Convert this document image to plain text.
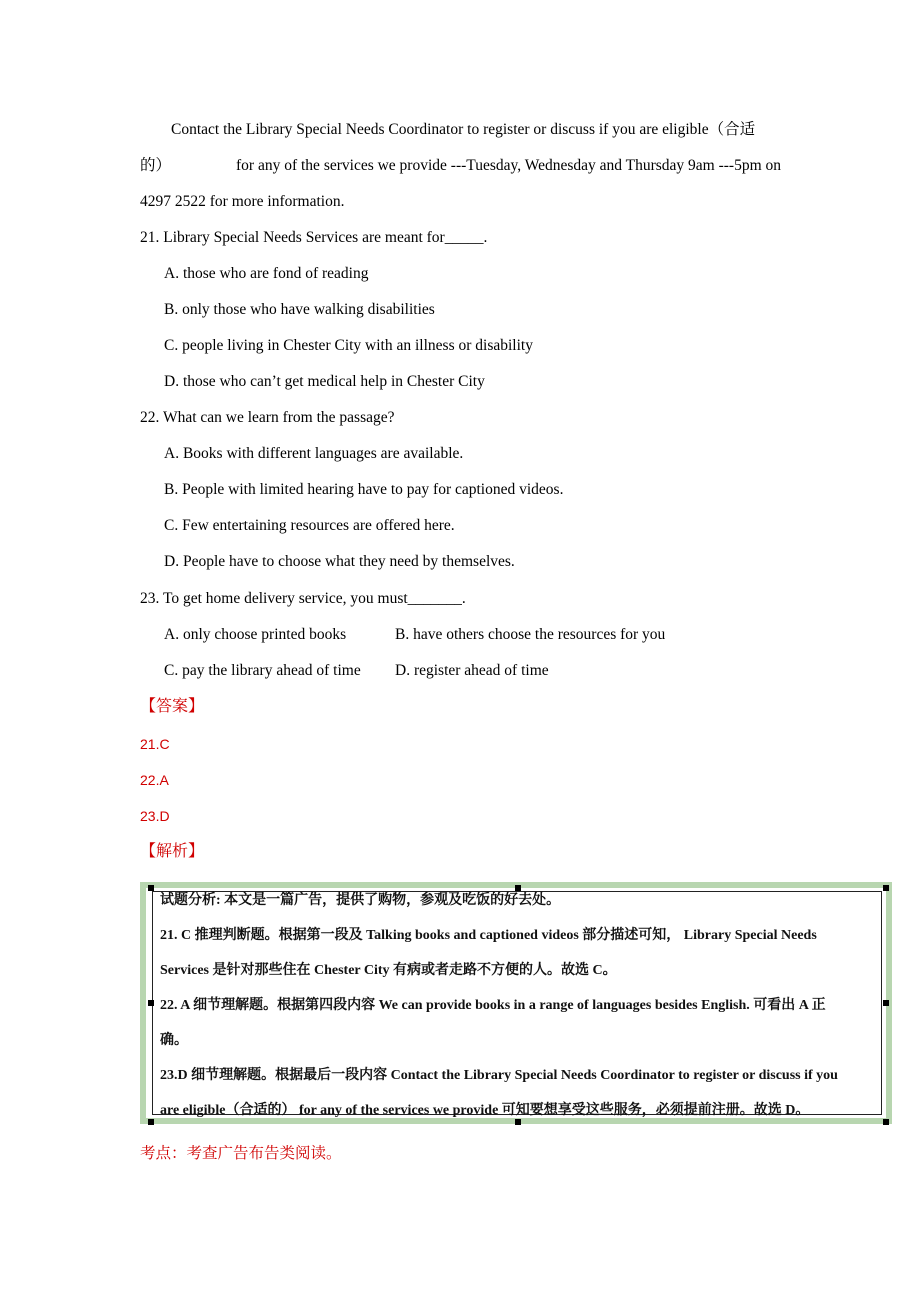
Contact the Library Special Needs Coordinator to register or discuss if you are eligible（合适
的）	for any of the services we provide ---Tuesday, Wednesday and Thursday 9am ---5pm on
4297 2522 for more information.
21. Library Special Needs Services are meant for_____.
A. those who are fond of reading
B. only those who have walking disabilities
C. people living in Chester City with an illness or disability
D. those who can’t get medical help in Chester City
22. What can we learn from the passage?
A. Books with different languages are available.
B. People with limited hearing have to pay for captioned videos.
C. Few entertaining resources are offered here.
D. People have to choose what they need by themselves.
23. To get home delivery service, you must_______.
A. only choose printed books	B. have others choose the resources for you
C. pay the library ahead of time D. register ahead of time
【答案】
21.C
22.A
23.D
【解析】
试题分析: 本文是一篇广告，提供了购物，参观及吃饭的好去处。
21. C 推理判断题。根据第一段及 Talking books and captioned videos 部分描述可知， Library Special Needs
Services 是针对那些住在 Chester City 有病或者走路不方便的人。故选 C。
22. A 细节理解题。根据第四段内容 We can provide books in a range of languages besides English. 可看出 A 正
确。
23.D 细节理解题。根据最后一段内容 Contact the Library Special Needs Coordinator to register or discuss if you
are eligible（合适的） for any of the services we provide 可知要想享受这些服务，必须提前注册。故选 D。
考点：考查广告布告类阅读。
